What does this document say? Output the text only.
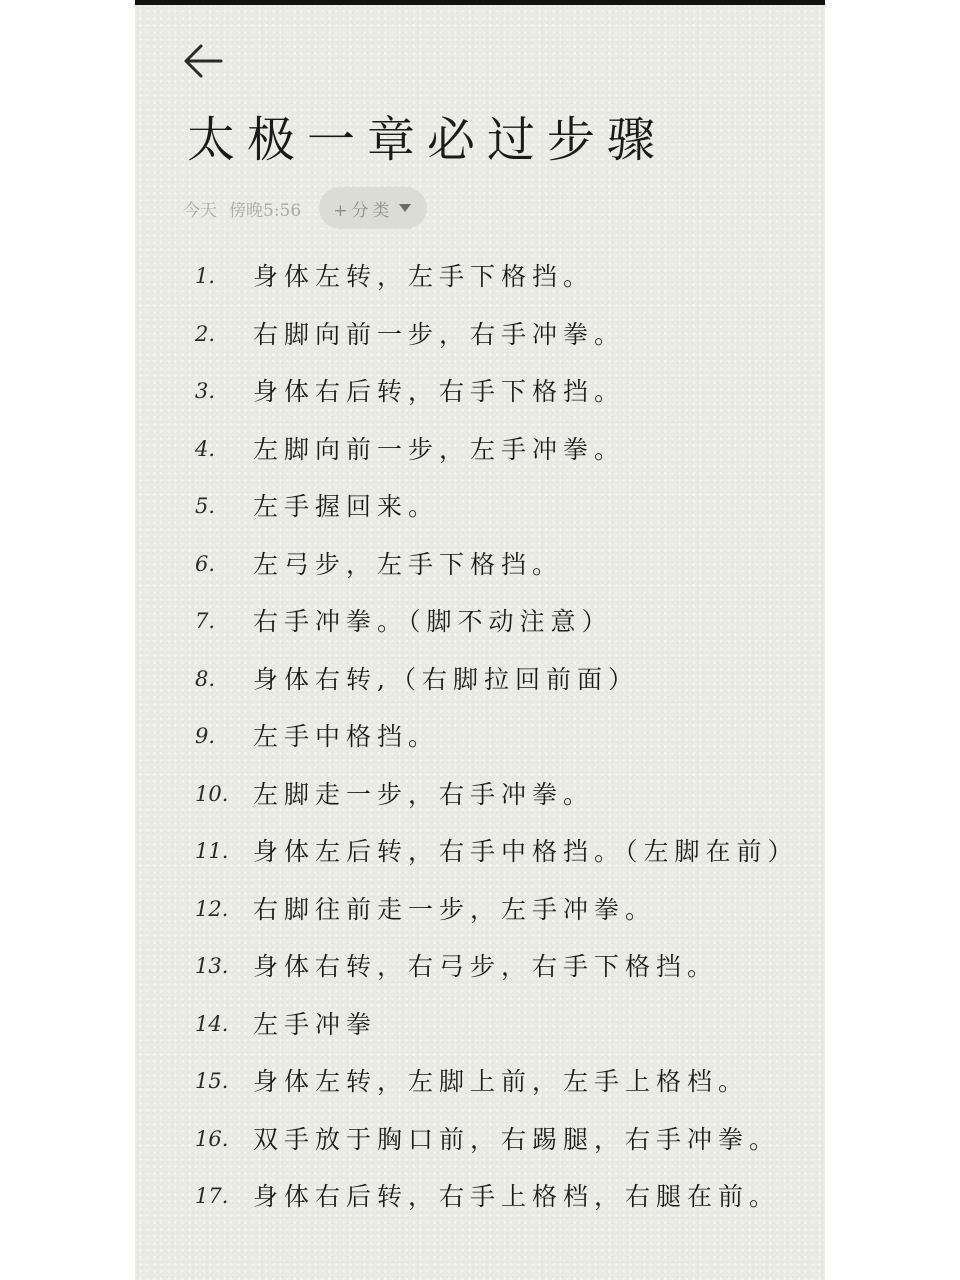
太极一章必过步骤
今天 傍晚5:56 +分类
1.	身体左转，左手下格挡。
2.	右脚向前一步，右手冲拳。
3.	身体右后转，右手下格挡。
4.	左脚向前一步，左手冲拳。
5.	左手握回来。
6.	左弓步，左手下格挡。
7.	右手冲拳。（脚不动注意）
8.	身体右转,（右脚拉回前面）
9.	左手中格挡。
10. 左脚走一步，右手冲拳。
11. 身体左后转，右手中格挡。（左脚在前）
12. 右脚往前走一步，左手冲拳。
13. 身体右转，右弓步，右手下格挡。
14. 左手冲拳
15. 身体左转，左脚上前，左手上格档。
16. 双手放于胸口前，右踢腿，右手冲拳。
17. 身体右后转，右手上格档，右腿在前。
